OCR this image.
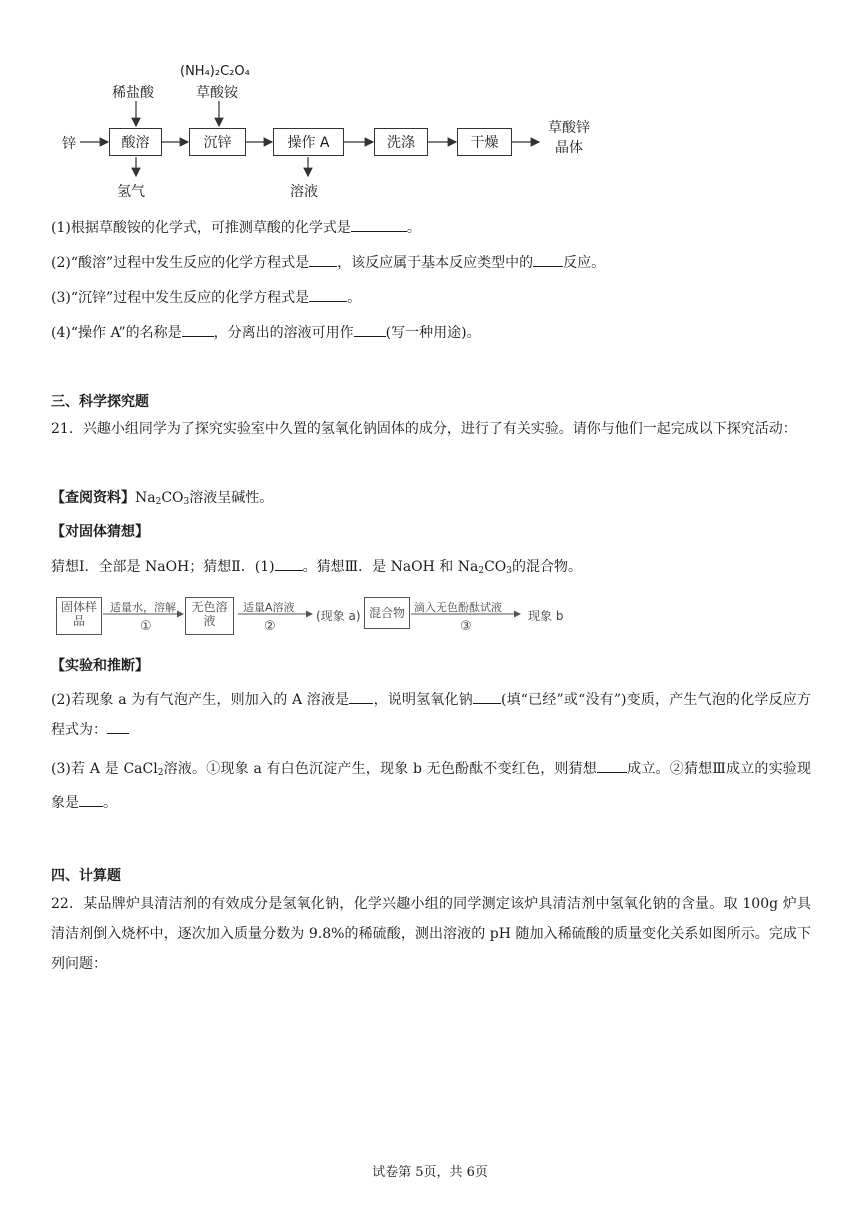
锌
稀盐酸
(NH₄)₂C₂O₄
草酸铵
酸溶	沉锌	操作 A	洗涤	干燥
草酸锌晶体
氢气	溶液
(1)根据草酸铵的化学式，可推测草酸的化学式是	。
(2)“酸溶”过程中发生反应的化学方程式是 ，该反应属于基本反应类型中的 反应。
(3)“沉锌”过程中发生反应的化学方程式是	。
(4)“操作 A”的名称是 ，分离出的溶液可用作 (写一种用途)。
三、科学探究题
21．兴趣小组同学为了探究实验室中久置的氢氧化钠固体的成分，进行了有关实验。请你与他们一起完成以下探究活动：
【查阅资料】$Na_2CO_3$溶液呈碱性。
【对固体猜想】
猜想Ⅰ．全部是 NaOH；猜想Ⅱ．(1) 。猜想Ⅲ．是 NaOH 和 $Na_2CO_3$的混合物。
固体样品
适量水，溶解
①
无色溶液
适量A溶液
②
(现象 a) 混合物 滴入无色酚酞试液
③
现象 b
【实验和推断】
(2)若现象 a 为有气泡产生，则加入的 A 溶液是 ，说明氢氧化钠 (填“已经”或“没有”)变质，产生气泡的化学反应方程式为：
(3)若 A 是 CaCl$_2$溶液。①现象 a 有白色沉淀产生，现象 b 无色酚酞不变红色，则猜想 成立。②猜想Ⅲ成立的实验现象是 。
四、计算题
22．某品牌炉具清洁剂的有效成分是氢氧化钠，化学兴趣小组的同学测定该炉具清洁剂中氢氧化钠的含量。取 100g 炉具清洁剂倒入烧杯中，逐次加入质量分数为 9.8%的稀硫酸，测出溶液的 pH 随加入稀硫酸的质量变化关系如图所示。完成下列问题：
试卷第 5页，共 6页
